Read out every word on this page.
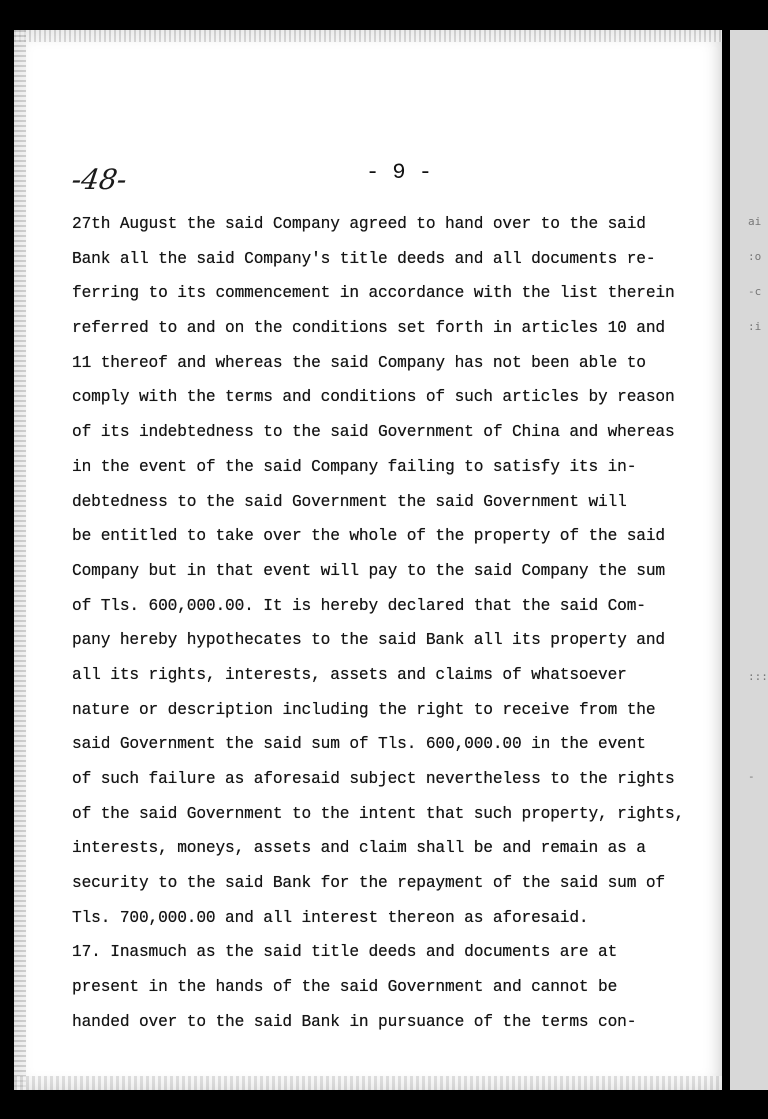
ai
:o
-c
:i
:::
-
-48-	- 9 -
27th August the said Company agreed to hand over to the said
Bank all the said Company's title deeds and all documents re-
ferring to its commencement in accordance with the list therein
referred to and on the conditions set forth in articles 10 and
11 thereof and whereas the said Company has not been able to
comply with the terms and conditions of such articles by reason
of its indebtedness to the said Government of China and whereas
in the event of the said Company failing to satisfy its in-
debtedness to the said Government the said Government will
be entitled to take over the whole of the property of the said
Company but in that event will pay to the said Company the sum
of Tls. 600,000.00. It is hereby declared that the said Com-
pany hereby hypothecates to the said Bank all its property and
all its rights, interests, assets and claims of whatsoever
nature or description including the right to receive from the
said Government the said sum of Tls. 600,000.00 in the event
of such failure as aforesaid subject nevertheless to the rights
of the said Government to the intent that such property, rights,
interests, moneys, assets and claim shall be and remain as a
security to the said Bank for the repayment of the said sum of
Tls. 700,000.00 and all interest thereon as aforesaid.
17. Inasmuch as the said title deeds and documents are at
present in the hands of the said Government and cannot be
handed over to the said Bank in pursuance of the terms con-
